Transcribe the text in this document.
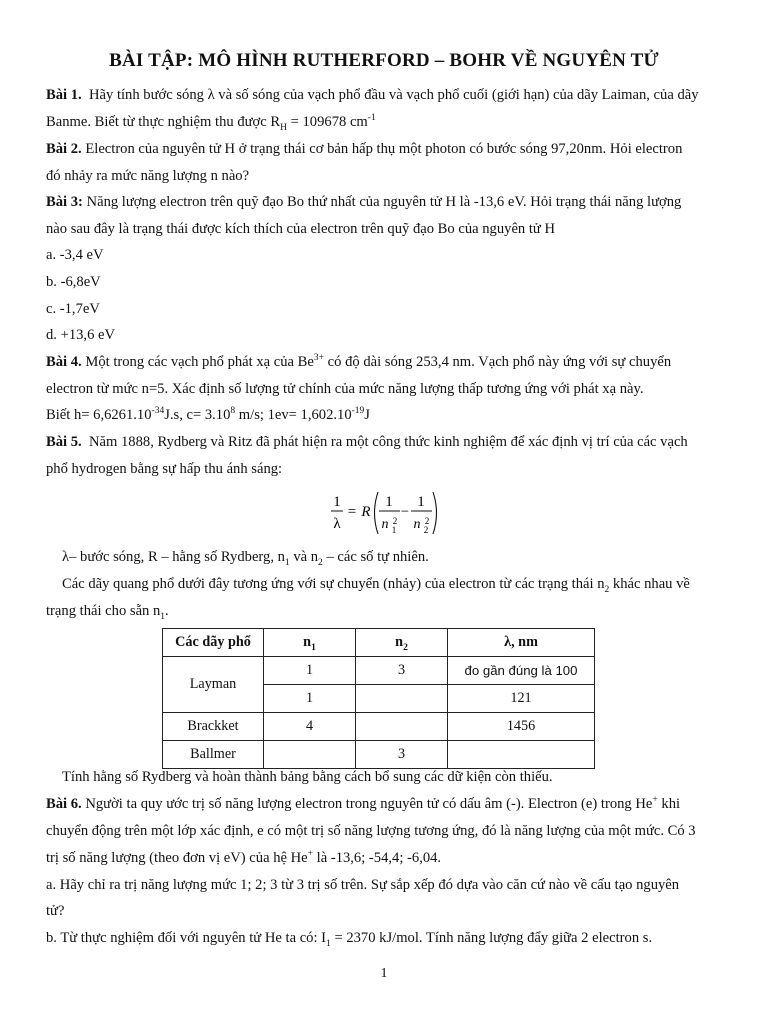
BÀI TẬP: MÔ HÌNH RUTHERFORD – BOHR VỀ NGUYÊN TỬ
Bài 1. Hãy tính bước sóng λ và số sóng của vạch phổ đầu và vạch phổ cuối (giới hạn) của dãy Laiman, của dãy
Banme. Biết từ thực nghiệm thu được $R_H = 109678$ $cm^{-1}$
Bài 2. Electron của nguyên tử H ở trạng thái cơ bản hấp thụ một photon có bước sóng 97,20nm. Hỏi electron
đó nhảy ra mức năng lượng n nào?
Bài 3: Năng lượng electron trên quỹ đạo Bo thứ nhất của nguyên tử H là -13,6 eV. Hỏi trạng thái năng lượng
nào sau đây là trạng thái được kích thích của electron trên quỹ đạo Bo của nguyên tử H
a. -3,4 eV
b. -6,8eV
c. -1,7eV
d. +13,6 eV
Bài 4. Một trong các vạch phổ phát xạ của $Be^{3+}$ có độ dài sóng 253,4 nm. Vạch phổ này ứng với sự chuyển
electron từ mức n=5. Xác định số lượng tử chính của mức năng lượng thấp tương ứng với phát xạ này.
Biết $h= 6,6261.10^{-34}J.s$, $c= 3.10^8$ m/s; $1ev= 1,602.10^{-19}J$
Bài 5. Năm 1888, Rydberg và Ritz đã phát hiện ra một công thức kinh nghiệm để xác định vị trí của các vạch
phổ hydrogen bằng sự hấp thu ánh sáng:
1
λ
= R
1
n 2
1
−
1
n 2
2
λ– bước sóng, R – hằng số Rydberg, $n_1$ và $n_2$ – các số tự nhiên.
Các dãy quang phổ dưới đây tương ứng với sự chuyển (nhảy) của electron từ các trạng thái $n_2$ khác nhau về
trạng thái cho sẵn $n_1$.
Các dãy phổ	$n_1$	$n_2$	λ, nm
Layman	1	3	đo gần đúng là 100
	1		121
Brackket	4		1456
Ballmer		3	
Tính hằng số Rydberg và hoàn thành bảng bằng cách bổ sung các dữ kiện còn thiếu.
Bài 6. Người ta quy ước trị số năng lượng electron trong nguyên tử có dấu âm (-). Electron (e) trong He+ khi
chuyển động trên một lớp xác định, e có một trị số năng lượng tương ứng, đó là năng lượng của một mức. Có 3
trị số năng lượng (theo đơn vị eV) của hệ He+ là -13,6; -54,4; -6,04.
a. Hãy chỉ ra trị năng lượng mức 1; 2; 3 từ 3 trị số trên. Sự sắp xếp đó dựa vào căn cứ nào về cấu tạo nguyên
tử?
b. Từ thực nghiệm đối với nguyên tử He ta có: $I_1 = 2370$ kJ/mol. Tính năng lượng đẩy giữa 2 electron s.
1
